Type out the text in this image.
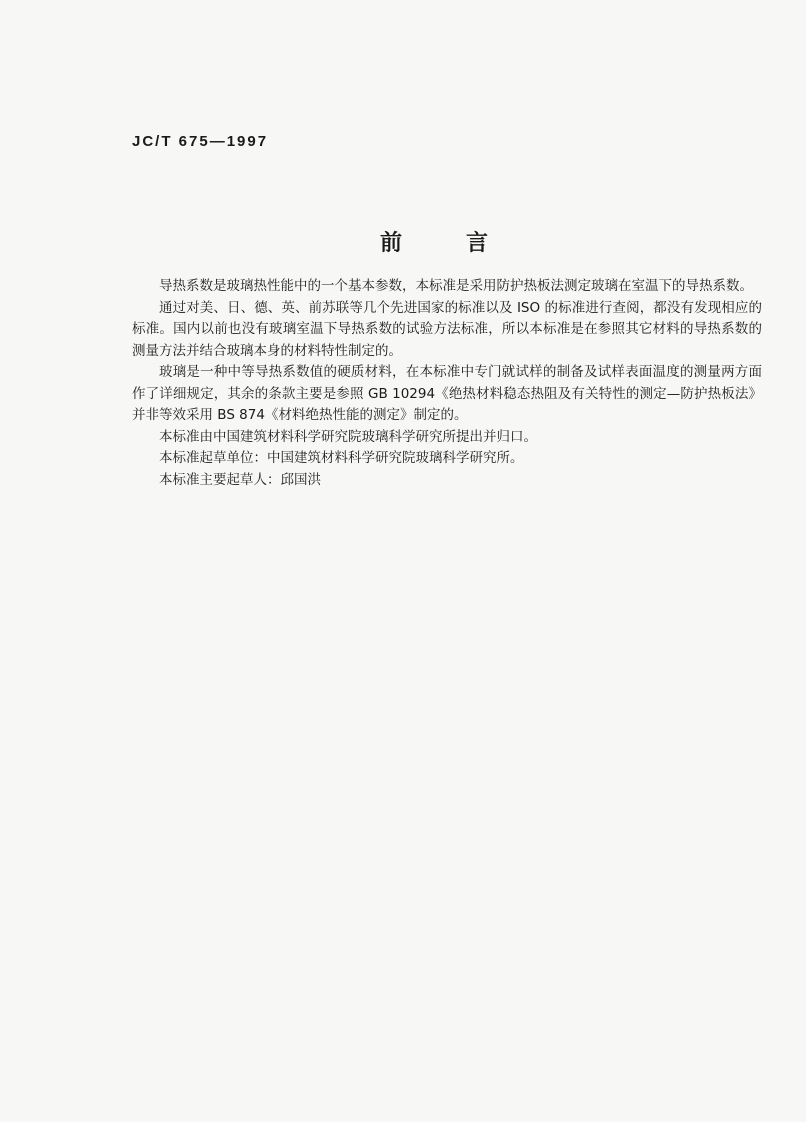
JC/T 675—1997
前言

导热系数是玻璃热性能中的一个基本参数，本标准是采用防护热板法测定玻璃在室温下的导热系数。

通过对美、日、德、英、前苏联等几个先进国家的标准以及 ISO 的标准进行查阅，都没有发现相应的标准。国内以前也没有玻璃室温下导热系数的试验方法标准，所以本标准是在参照其它材料的导热系数的测量方法并结合玻璃本身的材料特性制定的。

玻璃是一种中等导热系数值的硬质材料，在本标准中专门就试样的制备及试样表面温度的测量两方面作了详细规定，其余的条款主要是参照 GB 10294《绝热材料稳态热阻及有关特性的测定—防护热板法》并非等效采用 BS 874《材料绝热性能的测定》制定的。

本标准由中国建筑材料科学研究院玻璃科学研究所提出并归口。

本标准起草单位：中国建筑材料科学研究院玻璃科学研究所。

本标准主要起草人：邱国洪
